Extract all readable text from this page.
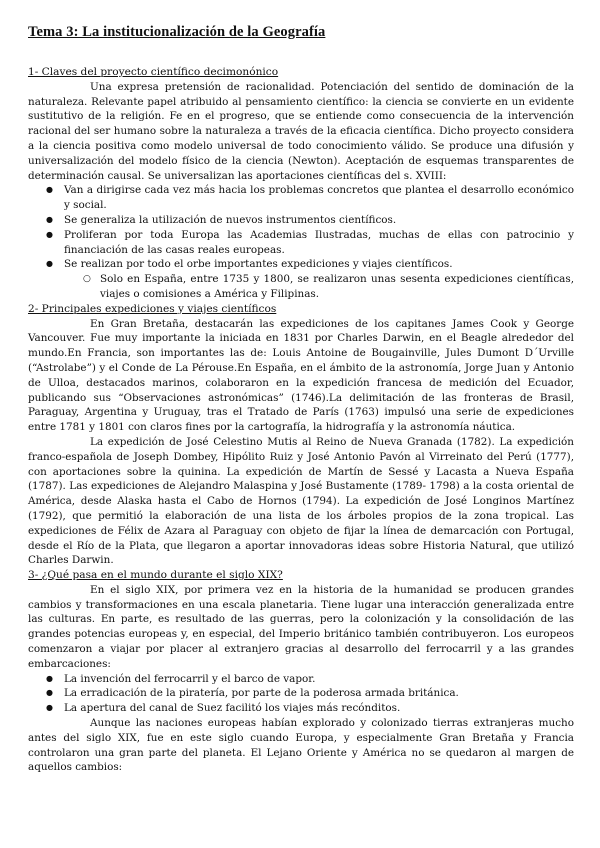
Tema 3: La institucionalización de la Geografía
1- Claves del proyecto científico decimonónico

Una expresa pretensión de racionalidad. Potenciación del sentido de dominación de la naturaleza. Relevante papel atribuido al pensamiento científico: la ciencia se convierte en un evidente sustitutivo de la religión. Fe en el progreso, que se entiende como consecuencia de la intervención racional del ser humano sobre la naturaleza a través de la eficacia científica. Dicho proyecto considera a la ciencia positiva como modelo universal de todo conocimiento válido. Se produce una difusión y universalización del modelo físico de la ciencia (Newton). Aceptación de esquemas transparentes de determinación causal. Se universalizan las aportaciones científicas del s. XVIII:

● Van a dirigirse cada vez más hacia los problemas concretos que plantea el desarrollo económico y social.
● Se generaliza la utilización de nuevos instrumentos científicos.
● Proliferan por toda Europa las Academias Ilustradas, muchas de ellas con patrocinio y financiación de las casas reales europeas.
● Se realizan por todo el orbe importantes expediciones y viajes científicos.
○ Solo en España, entre 1735 y 1800, se realizaron unas sesenta expediciones científicas, viajes o comisiones a América y Filipinas.
2- Principales expediciones y viajes científicos

En Gran Bretaña, destacarán las expediciones de los capitanes James Cook y George Vancouver. Fue muy importante la iniciada en 1831 por Charles Darwin, en el Beagle alrededor del mundo.En Francia, son importantes las de: Louis Antoine de Bougainville, Jules Dumont D´Urville (“Astrolabe”) y el Conde de La Pérouse.En España, en el ámbito de la astronomía, Jorge Juan y Antonio de Ulloa, destacados marinos, colaboraron en la expedición francesa de medición del Ecuador, publicando sus “Observaciones astronómicas” (1746).La delimitación de las fronteras de Brasil, Paraguay, Argentina y Uruguay, tras el Tratado de París (1763) impulsó una serie de expediciones entre 1781 y 1801 con claros fines por la cartografía, la hidrografía y la astronomía náutica.

La expedición de José Celestino Mutis al Reino de Nueva Granada (1782). La expedición franco-española de Joseph Dombey, Hipólito Ruiz y José Antonio Pavón al Virreinato del Perú (1777), con aportaciones sobre la quinina. La expedición de Martín de Sessé y Lacasta a Nueva España (1787). Las expediciones de Alejandro Malaspina y José Bustamente (1789- 1798) a la costa oriental de América, desde Alaska hasta el Cabo de Hornos (1794). La expedición de José Longinos Martínez (1792), que permitió la elaboración de una lista de los árboles propios de la zona tropical. Las expediciones de Félix de Azara al Paraguay con objeto de fijar la línea de demarcación con Portugal, desde el Río de la Plata, que llegaron a aportar innovadoras ideas sobre Historia Natural, que utilizó Charles Darwin.

3- ¿Qué pasa en el mundo durante el siglo XIX?

En el siglo XIX, por primera vez en la historia de la humanidad se producen grandes cambios y transformaciones en una escala planetaria. Tiene lugar una interacción generalizada entre las culturas. En parte, es resultado de las guerras, pero la colonización y la consolidación de las grandes potencias europeas y, en especial, del Imperio británico también contribuyeron. Los europeos comenzaron a viajar por placer al extranjero gracias al desarrollo del ferrocarril y a las grandes embarcaciones:

● La invención del ferrocarril y el barco de vapor.
● La erradicación de la piratería, por parte de la poderosa armada británica.
● La apertura del canal de Suez facilitó los viajes más recónditos.

Aunque las naciones europeas habían explorado y colonizado tierras extranjeras mucho antes del siglo XIX, fue en este siglo cuando Europa, y especialmente Gran Bretaña y Francia controlaron una gran parte del planeta. El Lejano Oriente y América no se quedaron al margen de aquellos cambios:
